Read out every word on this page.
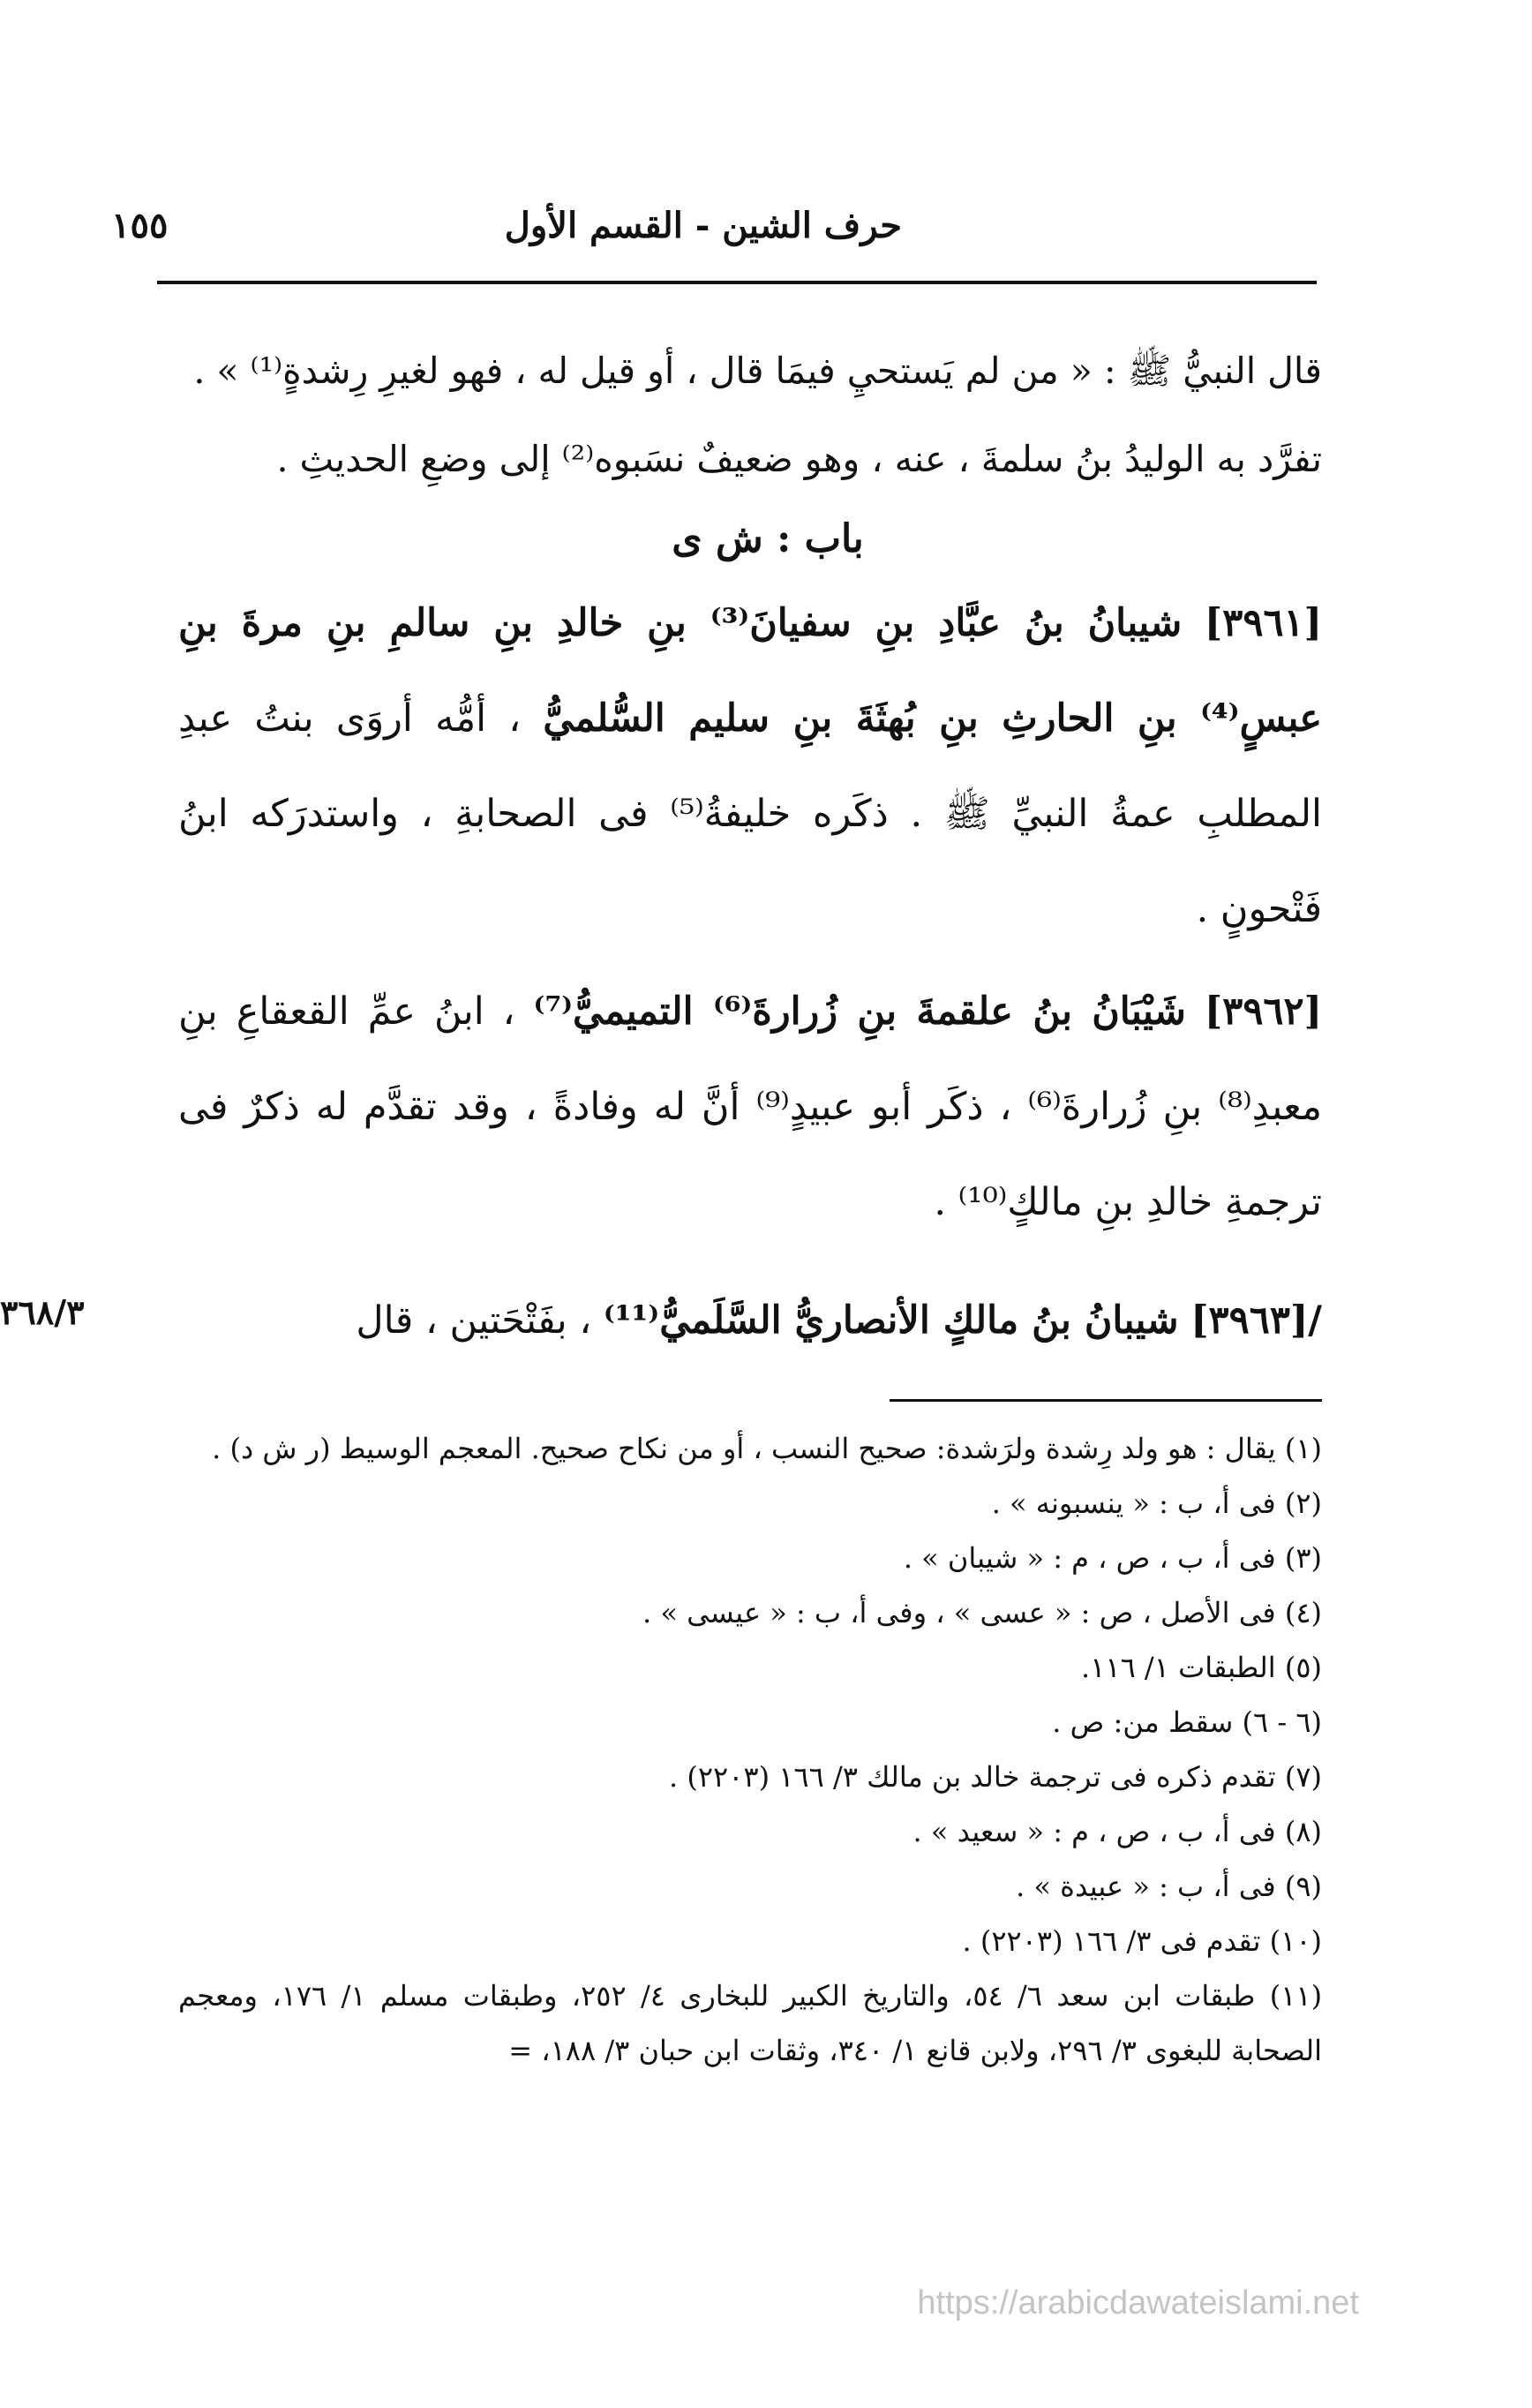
حرف الشين - القسم الأول
١٥٥

قال النبيُّ ﷺ : « من لم يَستحيِ فيمَا قال ، أو قيل له ، فهو لغيرِ رِشدةٍ⁽¹⁾ » .

تفرَّد به الوليدُ بنُ سلمةَ ، عنه ، وهو ضعيفٌ نسَبوه⁽²⁾ إلى وضعِ الحديثِ .

باب : ش ى

[٣٩٦١] شيبانُ بنُ عبَّادِ بنِ سفيانَ⁽³⁾ بنِ خالدِ بنِ سالمِ بنِ مرةَ بنِ عبسٍ⁽⁴⁾ بنِ الحارثِ بنِ بُهثَةَ بنِ سليم السُّلميُّ ، أمُّه أروَى بنتُ عبدِ المطلبِ عمةُ النبيِّ ﷺ . ذكَره خليفةُ⁽⁵⁾ فى الصحابةِ ، واستدرَكه ابنُ فَتْحونٍ .

[٣٩٦٢] شَيْبَانُ بنُ علقمةَ بنِ زُرارةَ⁽⁶⁾ التميميُّ⁽⁷⁾ ، ابنُ عمِّ القعقاعِ بنِ معبدِ⁽⁸⁾ بنِ زُرارةَ⁽⁶⁾ ، ذكَر أبو عبيدٍ⁽⁹⁾ أنَّ له وفادةً ، وقد تقدَّم له ذكرٌ فى ترجمةِ خالدِ بنِ مالكٍ⁽¹⁰⁾ .

/[٣٩٦٣] شيبانُ بنُ مالكٍ الأنصاريُّ السَّلَميُّ⁽¹¹⁾ ، بفَتْحَتين ، قال
٣٦٨/٣

(١) يقال : هو ولد رِشدة ولرَشدة: صحيح النسب ، أو من نكاح صحيح. المعجم الوسيط (ر ش د) .

(٢) فى أ، ب : « ينسبونه » .

(٣) فى أ، ب ، ص ، م : « شيبان » .

(٤) فى الأصل ، ص : « عسى » ، وفى أ، ب : « عيسى » .

(٥) الطبقات ١/ ١١٦.

(٦ - ٦) سقط من: ص .

(٧) تقدم ذكره فى ترجمة خالد بن مالك ٣/ ١٦٦ (٢٢٠٣) .

(٨) فى أ، ب ، ص ، م : « سعيد » .

(٩) فى أ، ب : « عبيدة » .

(١٠) تقدم فى ٣/ ١٦٦ (٢٢٠٣) .

(١١) طبقات ابن سعد ٦/ ٥٤، والتاريخ الكبير للبخارى ٤/ ٢٥٢، وطبقات مسلم ١/ ١٧٦، ومعجم الصحابة للبغوى ٣/ ٢٩٦، ولابن قانع ١/ ٣٤٠، وثقات ابن حبان ٣/ ١٨٨، =

https://arabicdawateislami.net
